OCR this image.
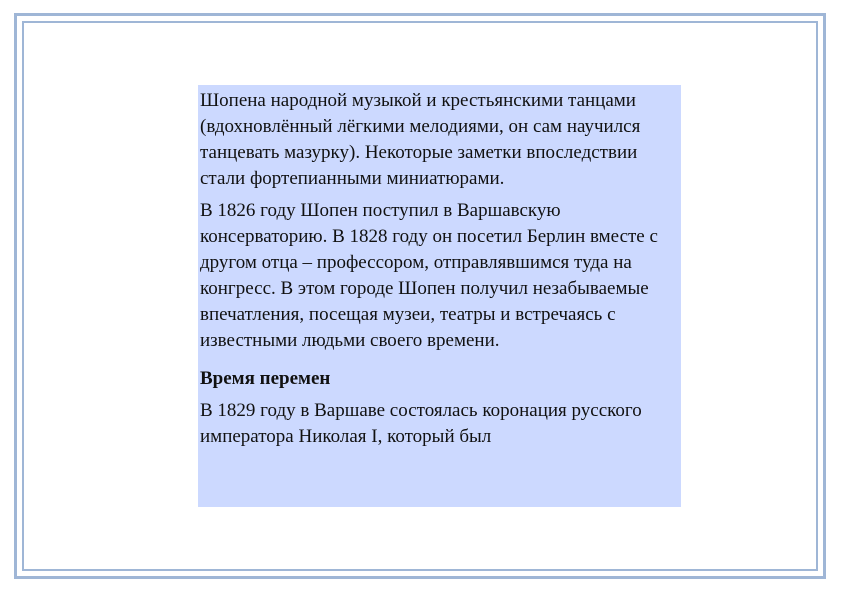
Шопена народной музыкой и крестьянскими танцами (вдохновлённый лёгкими мелодиями, он сам научился танцевать мазурку). Некоторые заметки впоследствии стали фортепианными миниатюрами.

В 1826 году Шопен поступил в Варшавскую консерваторию. В 1828 году он посетил Берлин вместе с другом отца – профессором, отправлявшимся туда на конгресс. В этом городе Шопен получил незабываемые впечатления, посещая музеи, театры и встречаясь с известными людьми своего времени.

Время перемен

В 1829 году в Варшаве состоялась коронация русского императора Николая I, который был
